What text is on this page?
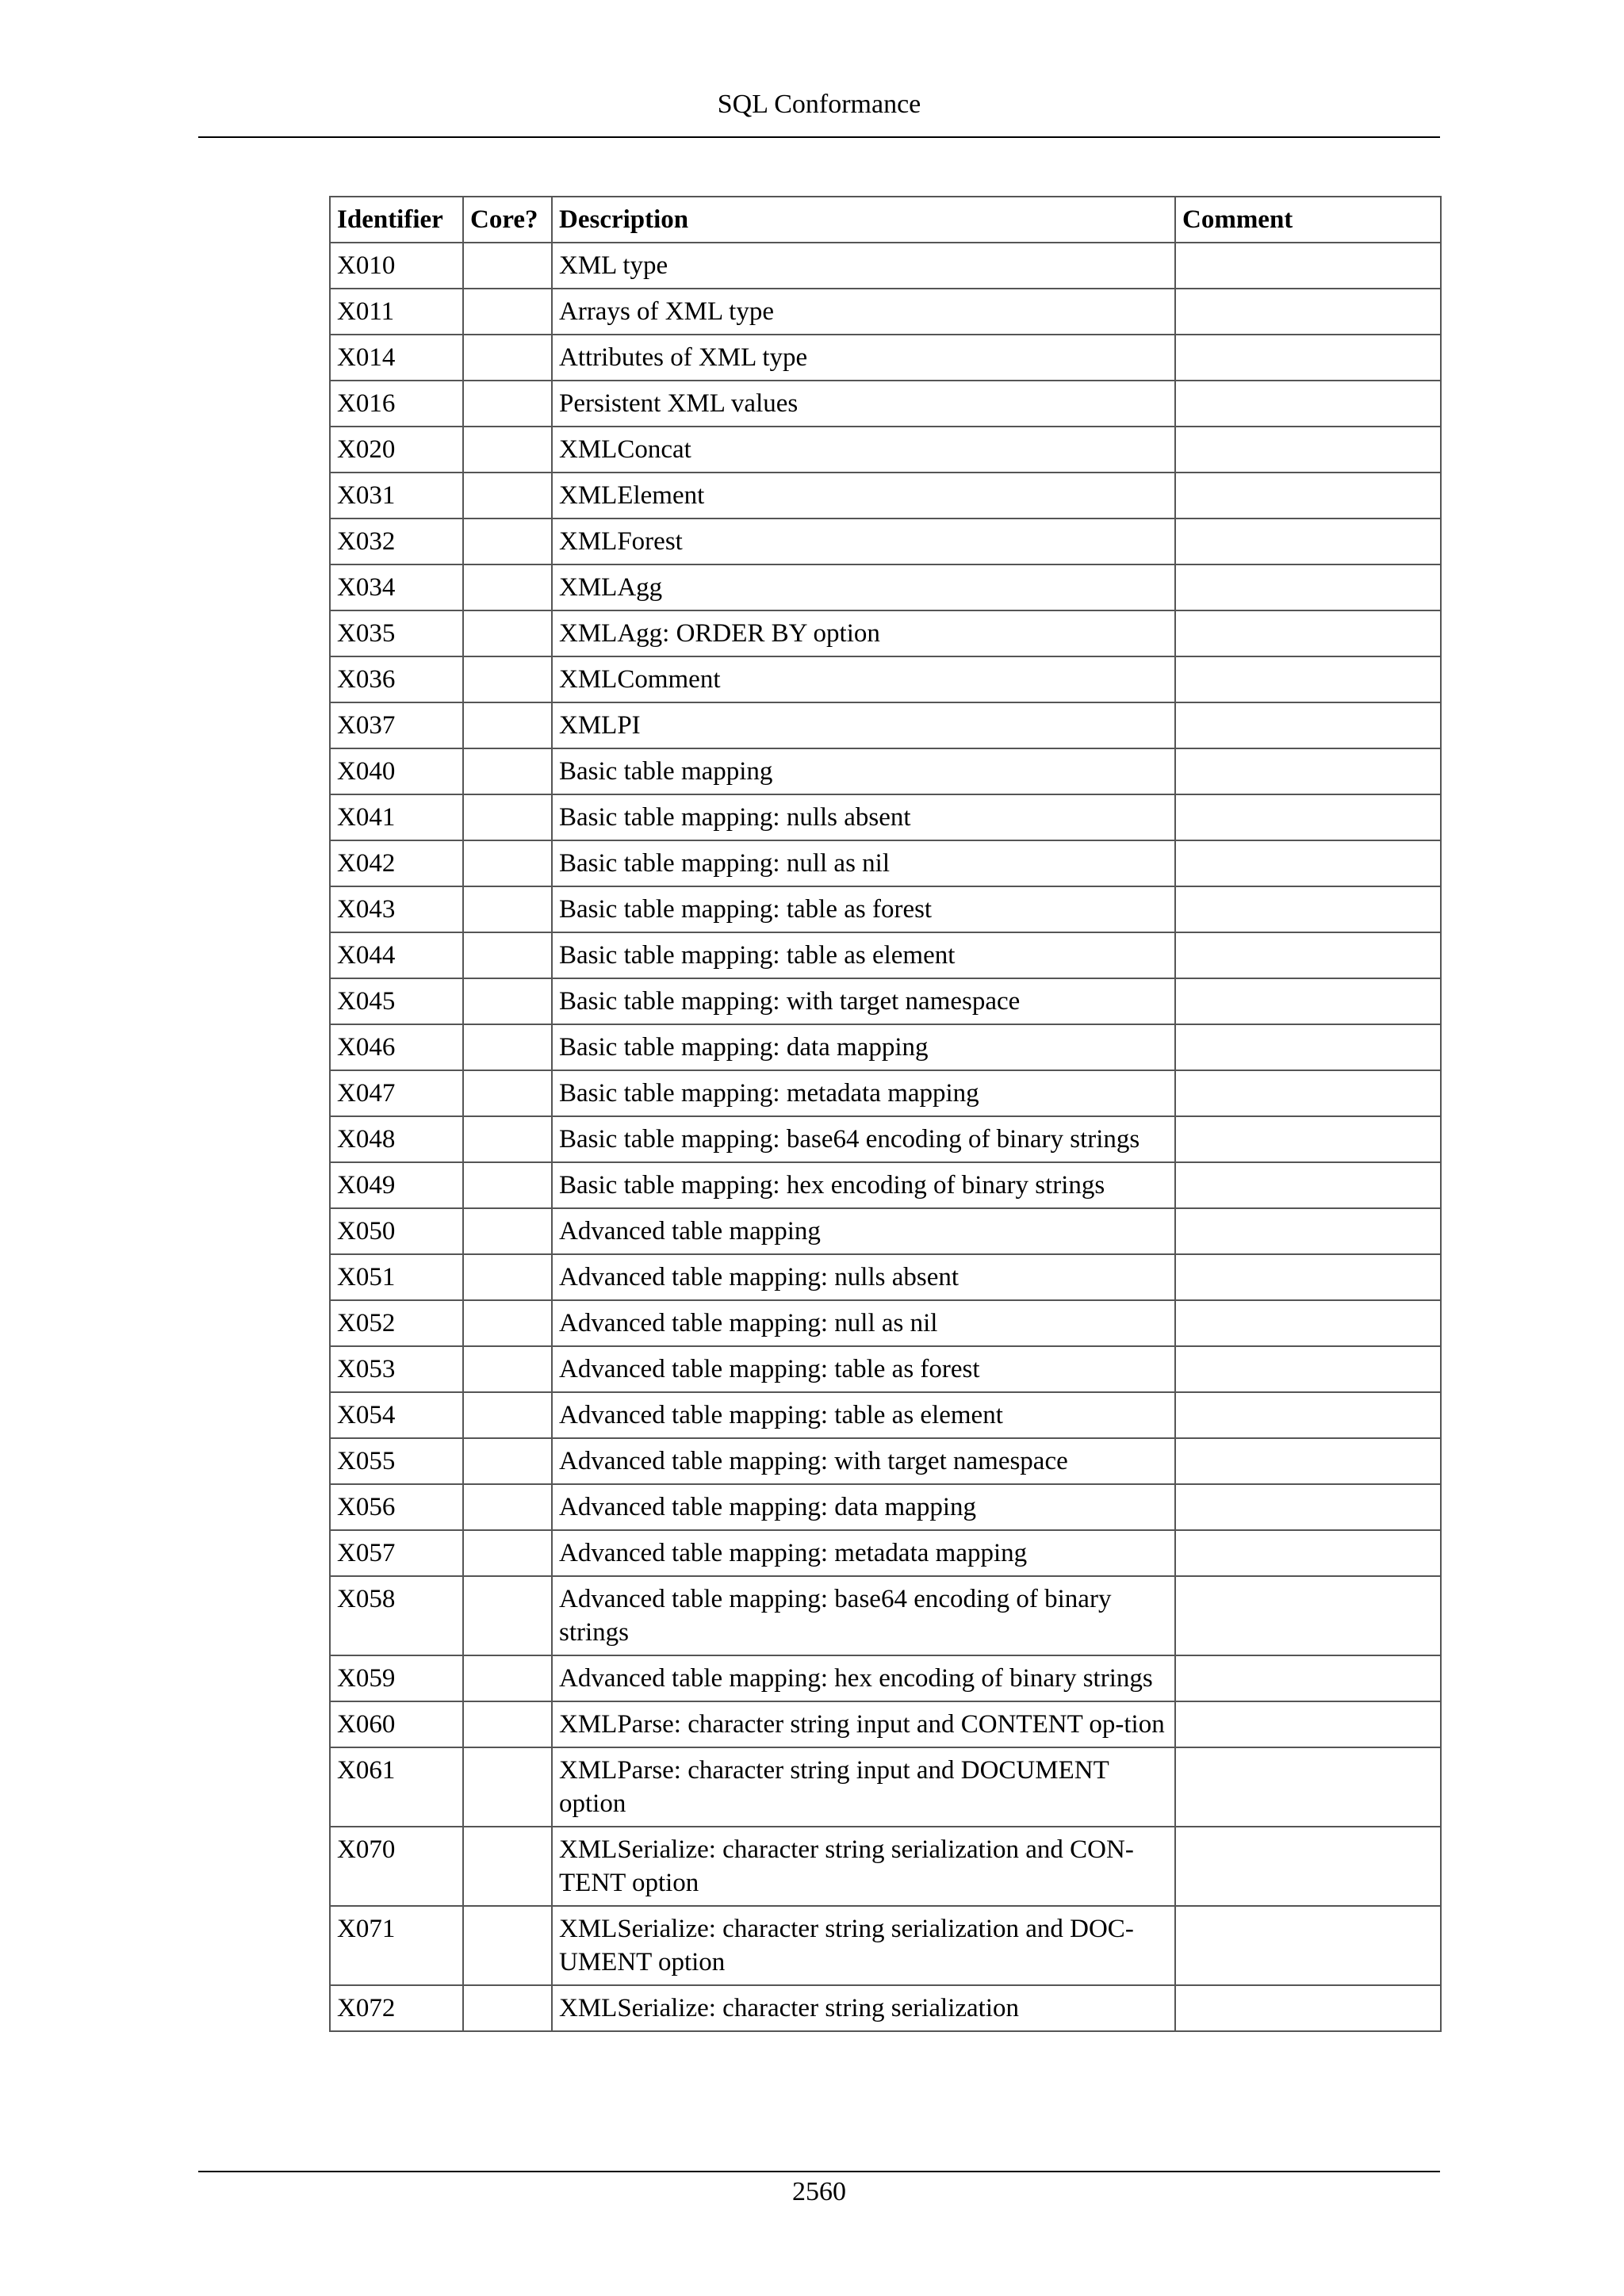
SQL Conformance
Identifier	Core?	Description	Comment
X010		XML type	
X011		Arrays of XML type	
X014		Attributes of XML type	
X016		Persistent XML values	
X020		XMLConcat	
X031		XMLElement	
X032		XMLForest	
X034		XMLAgg	
X035		XMLAgg: ORDER BY option	
X036		XMLComment	
X037		XMLPI	
X040		Basic table mapping	
X041		Basic table mapping: nulls absent	
X042		Basic table mapping: null as nil	
X043		Basic table mapping: table as forest	
X044		Basic table mapping: table as element	
X045		Basic table mapping: with target namespace	
X046		Basic table mapping: data mapping	
X047		Basic table mapping: metadata mapping	
X048		Basic table mapping: base64 encoding of binary strings	
X049		Basic table mapping: hex encoding of binary strings	
X050		Advanced table mapping	
X051		Advanced table mapping: nulls absent	
X052		Advanced table mapping: null as nil	
X053		Advanced table mapping: table as forest	
X054		Advanced table mapping: table as element	
X055		Advanced table mapping: with target namespace	
X056		Advanced table mapping: data mapping	
X057		Advanced table mapping: metadata mapping	
X058		Advanced table mapping: base64 encoding of binary strings	
X059		Advanced table mapping: hex encoding of binary strings	
X060		XMLParse: character string input and CONTENT op-tion	
X061		XMLParse: character string input and DOCUMENT option	
X070		XMLSerialize: character string serialization and CON-TENT option	
X071		XMLSerialize: character string serialization and DOC-UMENT option	
X072		XMLSerialize: character string serialization	
2560
